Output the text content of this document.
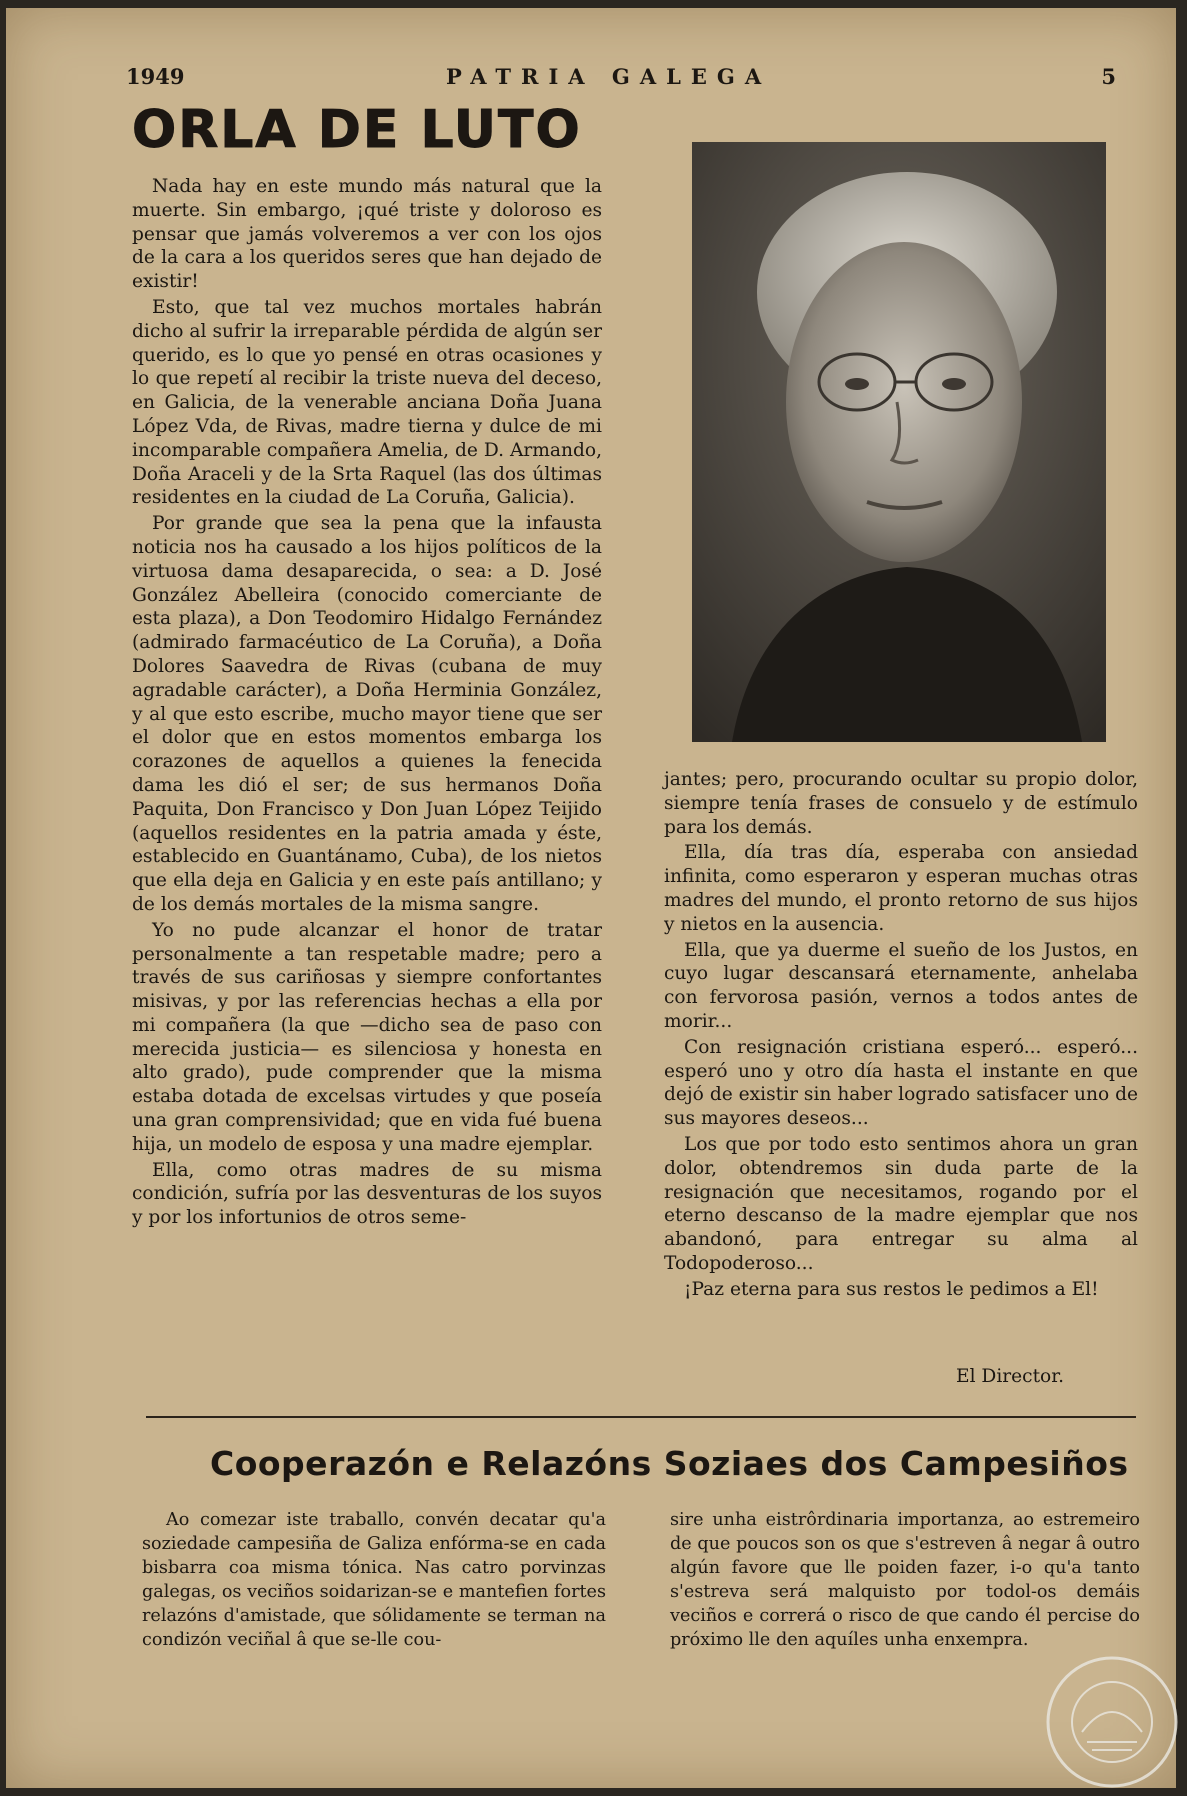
1949	PATRIA GALEGA	5
ORLA DE LUTO

Nada hay en este mundo más natural que la muerte. Sin embargo, ¡qué triste y doloroso es pensar que jamás volveremos a ver con los ojos de la cara a los queridos seres que han dejado de existir!

Esto, que tal vez muchos mortales habrán dicho al sufrir la irreparable pérdida de algún ser querido, es lo que yo pensé en otras ocasiones y lo que repetí al recibir la triste nueva del deceso, en Galicia, de la venerable anciana Doña Juana López Vda, de Rivas, madre tierna y dulce de mi incomparable compañera Amelia, de D. Armando, Doña Araceli y de la Srta Raquel (las dos últimas residentes en la ciudad de La Coruña, Galicia).

Por grande que sea la pena que la infausta noticia nos ha causado a los hijos políticos de la virtuosa dama desaparecida, o sea: a D. José González Abelleira (conocido comerciante de esta plaza), a Don Teodomiro Hidalgo Fernández (admirado farmacéutico de La Coruña), a Doña Dolores Saavedra de Rivas (cubana de muy agradable carácter), a Doña Herminia González, y al que esto escribe, mucho mayor tiene que ser el dolor que en estos momentos embarga los corazones de aquellos a quienes la fenecida dama les dió el ser; de sus hermanos Doña Paquita, Don Francisco y Don Juan López Teijido (aquellos residentes en la patria amada y éste, establecido en Guantánamo, Cuba), de los nietos que ella deja en Galicia y en este país antillano; y de los demás mortales de la misma sangre.

Yo no pude alcanzar el honor de tratar personalmente a tan respetable madre; pero a través de sus cariñosas y siempre confortantes misivas, y por las referencias hechas a ella por mi compañera (la que —dicho sea de paso con merecida justicia— es silenciosa y honesta en alto grado), pude comprender que la misma estaba dotada de excelsas virtudes y que poseía una gran comprensividad; que en vida fué buena hija, un modelo de esposa y una madre ejemplar.

Ella, como otras madres de su misma condición, sufría por las desventuras de los suyos y por los infortunios de otros seme-

jantes; pero, procurando ocultar su propio dolor, siempre tenía frases de consuelo y de estímulo para los demás.

Ella, día tras día, esperaba con ansiedad infinita, como esperaron y esperan muchas otras madres del mundo, el pronto retorno de sus hijos y nietos en la ausencia.

Ella, que ya duerme el sueño de los Justos, en cuyo lugar descansará eternamente, anhelaba con fervorosa pasión, vernos a todos antes de morir...

Con resignación cristiana esperó... esperó... esperó uno y otro día hasta el instante en que dejó de existir sin haber logrado satisfacer uno de sus mayores deseos...

Los que por todo esto sentimos ahora un gran dolor, obtendremos sin duda parte de la resignación que necesitamos, rogando por el eterno descanso de la madre ejemplar que nos abandonó, para entregar su alma al Todopoderoso...

¡Paz eterna para sus restos le pedimos a El!

El Director.
Cooperazón e Relazóns Soziaes dos Campesiños

Ao comezar iste traballo, convén decatar qu'a soziedade campesiña de Galiza enfórma-se en cada bisbarra coa misma tónica. Nas catro porvinzas galegas, os veciños soidarizan-se e mantefien fortes relazóns d'amistade, que sólidamente se terman na condizón veciñal â que se-lle cou-

sire unha eistrôrdinaria importanza, ao estremeiro de que poucos son os que s'estreven â negar â outro algún favore que lle poiden fazer, i-o qu'a tanto s'estreva será malquisto por todol-os demáis veciños e correrá o risco de que cando él percise do próximo lle den aquíles unha enxempra.
